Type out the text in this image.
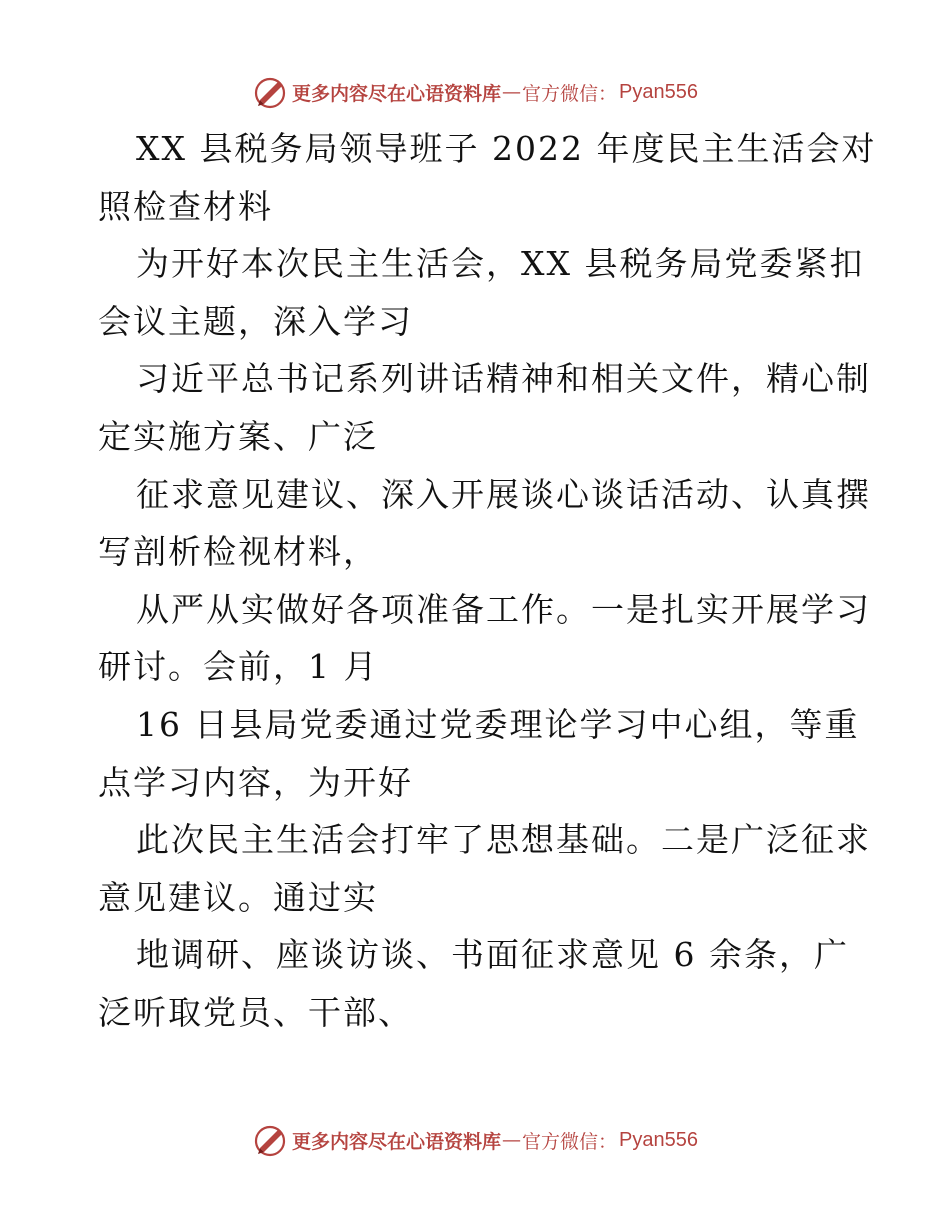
更多内容尽在心语资料库 — 官方微信： Pyan556
XX 县税务局领导班子 2022 年度民主生活会对
照检查材料
为开好本次民主生活会，XX 县税务局党委紧扣
会议主题，深入学习
习近平总书记系列讲话精神和相关文件，精心制
定实施方案、广泛
征求意见建议、深入开展谈心谈话活动、认真撰
写剖析检视材料，
从严从实做好各项准备工作。一是扎实开展学习
研讨。会前，1 月
16 日县局党委通过党委理论学习中心组，等重
点学习内容，为开好
此次民主生活会打牢了思想基础。二是广泛征求
意见建议。通过实
地调研、座谈访谈、书面征求意见 6 余条，广
泛听取党员、干部、
更多内容尽在心语资料库 — 官方微信： Pyan556
